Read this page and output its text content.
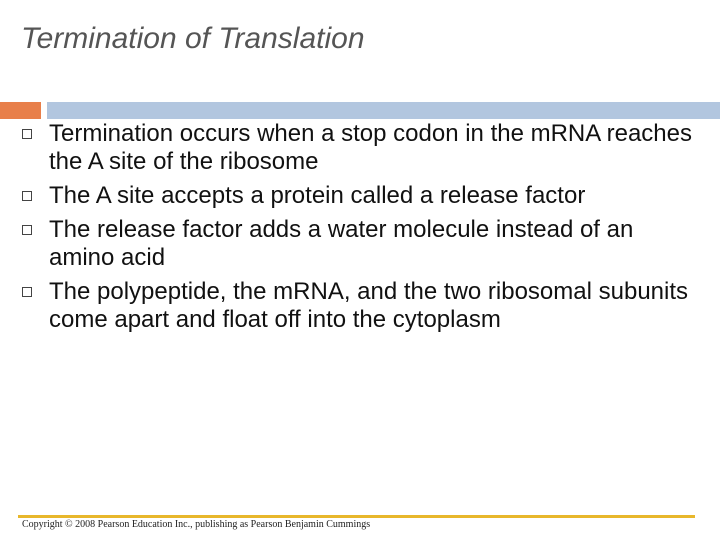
Termination of Translation
Termination occurs when a stop codon in the mRNA reaches the A site of the ribosome
The A site accepts a protein called a release factor
The release factor adds a water molecule instead of an amino acid
The polypeptide, the mRNA, and the two ribosomal subunits come apart and float off into the cytoplasm
Copyright © 2008 Pearson Education Inc., publishing as Pearson Benjamin Cummings
